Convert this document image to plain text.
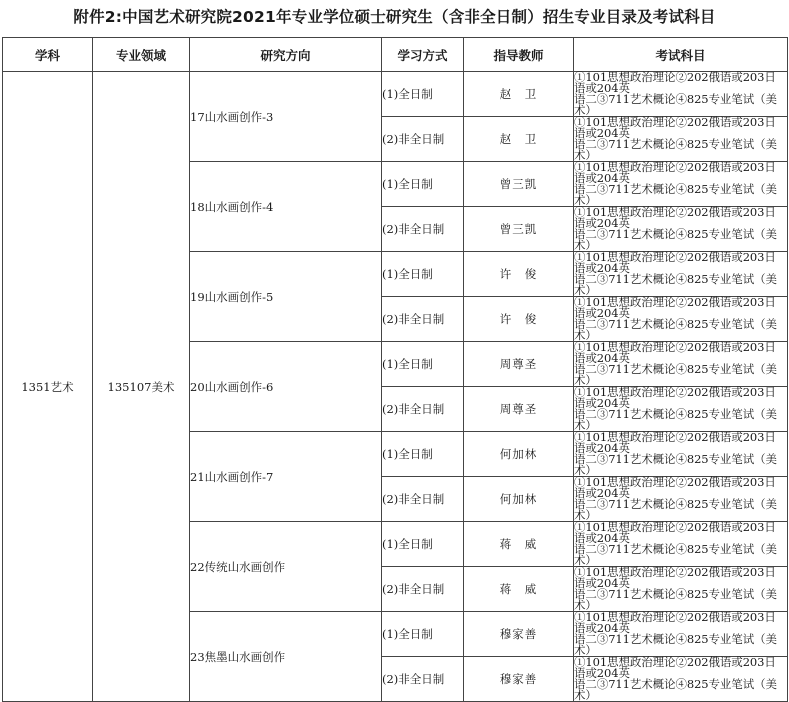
附件2:中国艺术研究院2021年专业学位硕士研究生（含非全日制）招生专业目录及考试科目
学科	专业领域	研究方向	学习方式	指导教师	考试科目
1351艺术	135107美术	17山水画创作-3	(1)全日制	赵　卫	①101思想政治理论②202俄语或203日语或204英
语二③711艺术概论④825专业笔试（美术）

			(2)非全日制	赵　卫	①101思想政治理论②202俄语或203日语或204英
语二③711艺术概论④825专业笔试（美术）

		18山水画创作-4	(1)全日制	曾三凯	①101思想政治理论②202俄语或203日语或204英
语二③711艺术概论④825专业笔试（美术）

			(2)非全日制	曾三凯	①101思想政治理论②202俄语或203日语或204英
语二③711艺术概论④825专业笔试（美术）

		19山水画创作-5	(1)全日制	许　俊	①101思想政治理论②202俄语或203日语或204英
语二③711艺术概论④825专业笔试（美术）

			(2)非全日制	许　俊	①101思想政治理论②202俄语或203日语或204英
语二③711艺术概论④825专业笔试（美术）

		20山水画创作-6	(1)全日制	周尊圣	①101思想政治理论②202俄语或203日语或204英
语二③711艺术概论④825专业笔试（美术）

			(2)非全日制	周尊圣	①101思想政治理论②202俄语或203日语或204英
语二③711艺术概论④825专业笔试（美术）

		21山水画创作-7	(1)全日制	何加林	①101思想政治理论②202俄语或203日语或204英
语二③711艺术概论④825专业笔试（美术）

			(2)非全日制	何加林	①101思想政治理论②202俄语或203日语或204英
语二③711艺术概论④825专业笔试（美术）

		22传统山水画创作	(1)全日制	蒋　威	①101思想政治理论②202俄语或203日语或204英
语二③711艺术概论④825专业笔试（美术）

			(2)非全日制	蒋　威	①101思想政治理论②202俄语或203日语或204英
语二③711艺术概论④825专业笔试（美术）

		23焦墨山水画创作	(1)全日制	穆家善	①101思想政治理论②202俄语或203日语或204英
语二③711艺术概论④825专业笔试（美术）

			(2)非全日制	穆家善	①101思想政治理论②202俄语或203日语或204英
语二③711艺术概论④825专业笔试（美术）
